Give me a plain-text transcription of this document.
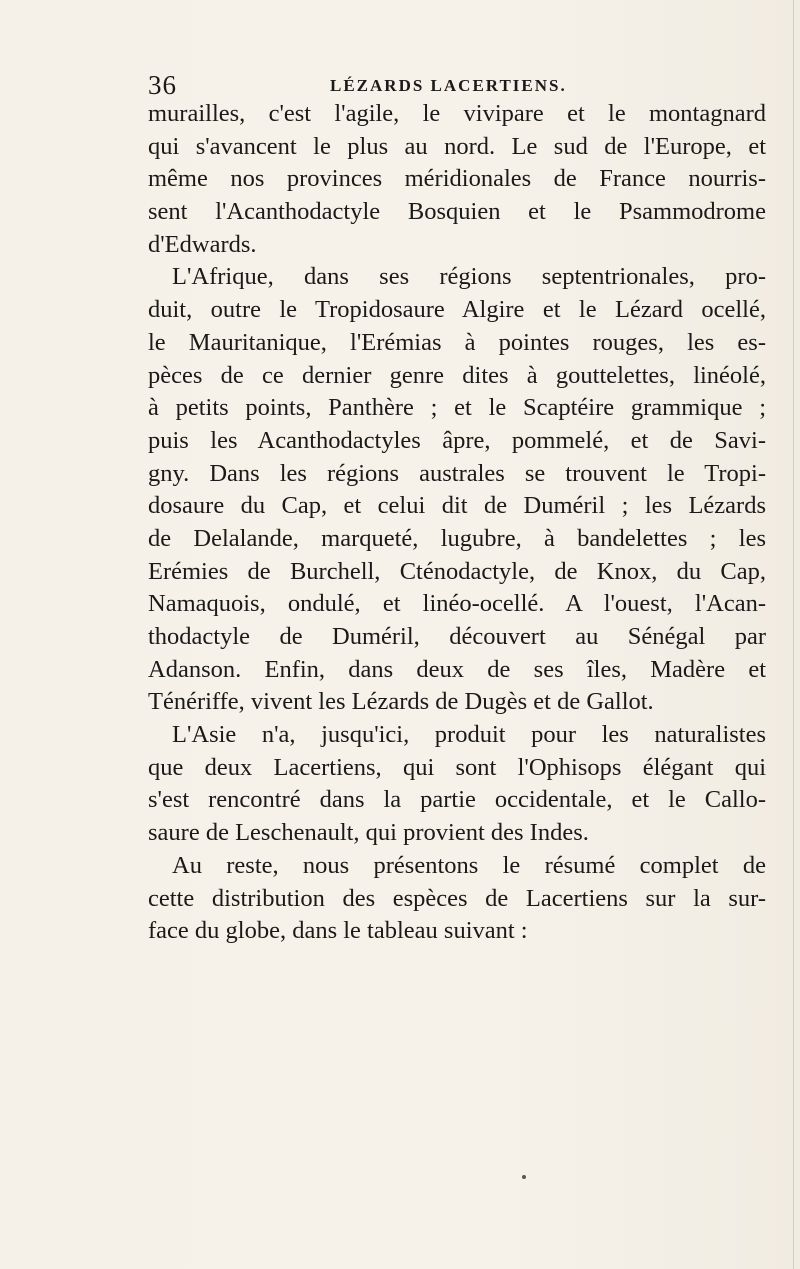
36	LÉZARDS LACERTIENS.
murailles, c'est l'agile, le vivipare et le montagnard
qui s'avancent le plus au nord. Le sud de l'Europe, et
même nos provinces méridionales de France nourris-
sent l'Acanthodactyle Bosquien et le Psammodrome
d'Edwards.
L'Afrique, dans ses régions septentrionales, pro-
duit, outre le Tropidosaure Algire et le Lézard ocellé,
le Mauritanique, l'Erémias à pointes rouges, les es-
pèces de ce dernier genre dites à gouttelettes, linéolé,
à petits points, Panthère ; et le Scaptéire grammique ;
puis les Acanthodactyles âpre, pommelé, et de Savi-
gny. Dans les régions australes se trouvent le Tropi-
dosaure du Cap, et celui dit de Duméril ; les Lézards
de Delalande, marqueté, lugubre, à bandelettes ; les
Erémies de Burchell, Cténodactyle, de Knox, du Cap,
Namaquois, ondulé, et linéo-ocellé. A l'ouest, l'Acan-
thodactyle de Duméril, découvert au Sénégal par
Adanson. Enfin, dans deux de ses îles, Madère et
Ténériffe, vivent les Lézards de Dugès et de Gallot.
L'Asie n'a, jusqu'ici, produit pour les naturalistes
que deux Lacertiens, qui sont l'Ophisops élégant qui
s'est rencontré dans la partie occidentale, et le Callo-
saure de Leschenault, qui provient des Indes.
Au reste, nous présentons le résumé complet de
cette distribution des espèces de Lacertiens sur la sur-
face du globe, dans le tableau suivant :
